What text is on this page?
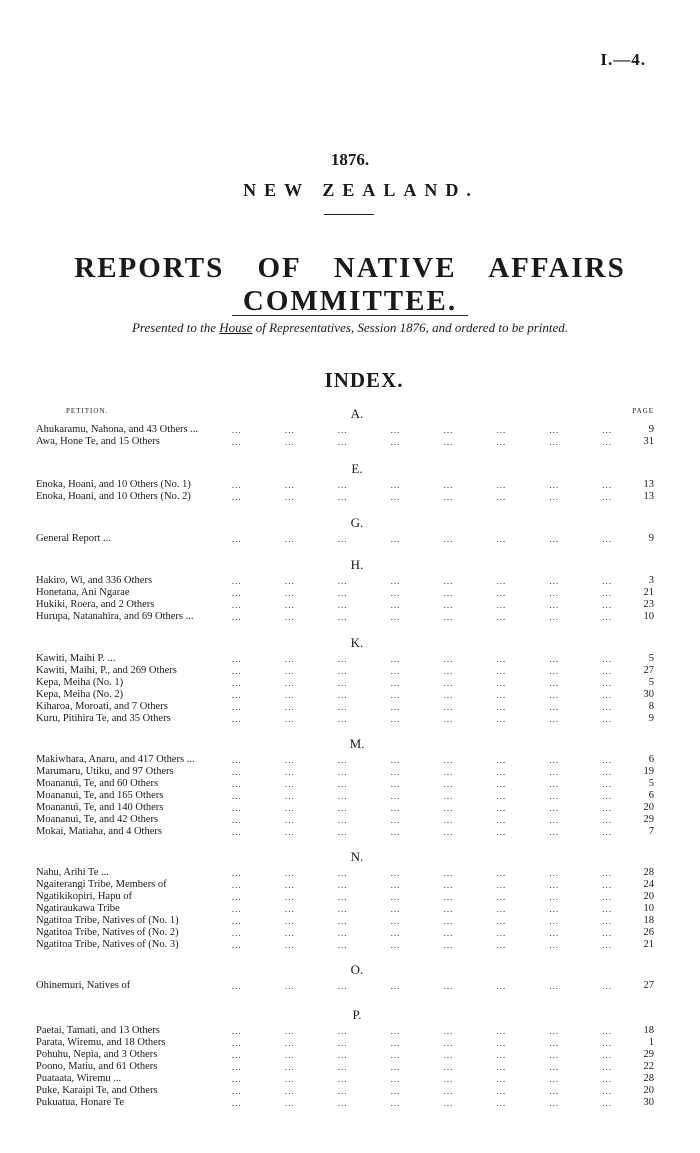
I.—4.
1876.
NEW ZEALAND.
REPORTS OF NATIVE AFFAIRS COMMITTEE.
Presented to the House of Representatives, Session 1876, and ordered to be printed.
INDEX.
PETITION.	PAGE
A.
Ahukaramu, Nahona, and 43 Others ...	...	...	...	...	...	...	...	...	9
Awa, Hone Te, and 15 Others	...	...	...	...	...	...	...	...	31
E.
Enoka, Hoani, and 10 Others (No. 1)	...	...	...	...	...	...	...	...	13
Enoka, Hoani, and 10 Others (No. 2)	...	...	...	...	...	...	...	...	13
G.
General Report ...	...	...	...	...	...	...	...	...	9
H.
Hakiro, Wi, and 336 Others	...	...	...	...	...	...	...	...	3
Honetana, Ani Ngarae	...	...	...	...	...	...	...	...	21
Hukiki, Roera, and 2 Others	...	...	...	...	...	...	...	...	23
Hurupa, Natanahira, and 69 Others ...	...	...	...	...	...	...	...	...	10
K.
Kawiti, Maihi P. ...	...	...	...	...	...	...	...	...	5
Kawiti, Maihi, P., and 269 Others	...	...	...	...	...	...	...	...	27
Kepa, Meiha (No. 1)	...	...	...	...	...	...	...	...	5
Kepa, Meiha (No. 2)	...	...	...	...	...	...	...	...	30
Kiharoa, Moroati, and 7 Others	...	...	...	...	...	...	...	...	8
Kuru, Pitihira Te, and 35 Others	...	...	...	...	...	...	...	...	9
M.
Makiwhara, Anaru, and 417 Others ...	...	...	...	...	...	...	...	...	6
Marumaru, Utiku, and 97 Others	...	...	...	...	...	...	...	...	19
Moananui, Te, and 60 Others	...	...	...	...	...	...	...	...	5
Moananui, Te, and 165 Others	...	...	...	...	...	...	...	...	6
Moananui, Te, and 140 Others	...	...	...	...	...	...	...	...	20
Moananui, Te, and 42 Others	...	...	...	...	...	...	...	...	29
Mokai, Matiaha, and 4 Others	...	...	...	...	...	...	...	...	7
N.
Nahu, Arihi Te ...	...	...	...	...	...	...	...	...	28
Ngaiterangi Tribe, Members of	...	...	...	...	...	...	...	...	24
Ngatikikopiri, Hapu of	...	...	...	...	...	...	...	...	20
Ngatiraukawa Tribe	...	...	...	...	...	...	...	...	10
Ngatitoa Tribe, Natives of (No. 1)	...	...	...	...	...	...	...	...	18
Ngatitoa Tribe, Natives of (No. 2)	...	...	...	...	...	...	...	...	26
Ngatitoa Tribe, Natives of (No. 3)	...	...	...	...	...	...	...	...	21
O.
Ohinemuri, Natives of	...	...	...	...	...	...	...	...	27
P.
Paetai, Tamati, and 13 Others	...	...	...	...	...	...	...	...	18
Parata, Wiremu, and 18 Others	...	...	...	...	...	...	...	...	1
Pohuhu, Nepia, and 3 Others	...	...	...	...	...	...	...	...	29
Poono, Matiu, and 61 Others	...	...	...	...	...	...	...	...	22
Puataata, Wiremu ...	...	...	...	...	...	...	...	...	28
Puke, Karaipi Te, and Others	...	...	...	...	...	...	...	...	20
Pukuatua, Honare Te	...	...	...	...	...	...	...	...	30
